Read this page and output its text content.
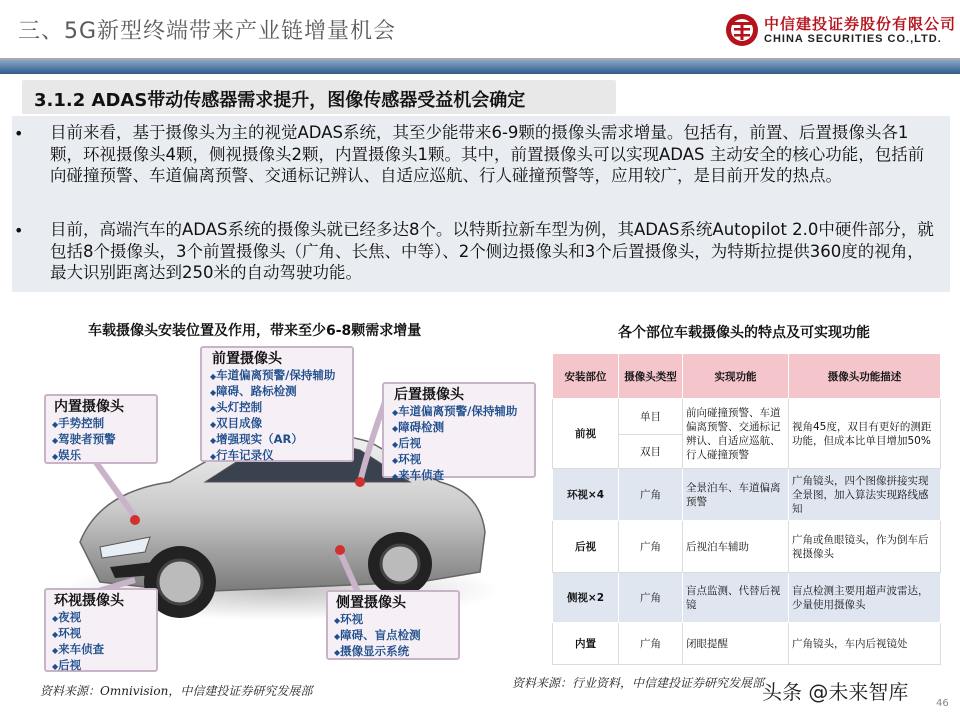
三、5G新型终端带来产业链增量机会	中信建投证券股份有限公司
CHINA SECURITIES CO.,LTD.
3.1.2 ADAS带动传感器需求提升，图像传感器受益机会确定
• 目前来看，基于摄像头为主的视觉ADAS系统，其至少能带来6-9颗的摄像头需求增量。包括有，前置、后置摄像头各1颗，环视摄像头4颗，侧视摄像头2颗，内置摄像头1颗。其中，前置摄像头可以实现ADAS 主动安全的核心功能，包括前向碰撞预警、车道偏离预警、交通标记辨认、自适应巡航、行人碰撞预警等，应用较广，是目前开发的热点。
• 目前，高端汽车的ADAS系统的摄像头就已经多达8个。以特斯拉新车型为例，其ADAS系统Autopilot 2.0中硬件部分，就包括8个摄像头，3个前置摄像头（广角、长焦、中等）、2个侧边摄像头和3个后置摄像头，为特斯拉提供360度的视角，最大识别距离达到250米的自动驾驶功能。
车载摄像头安装位置及作用，带来至少6-8颗需求增量
前置摄像头
◆ 车道偏离预警/保持辅助
◆ 障碍、路标检测
◆ 头灯控制
◆ 双目成像
◆ 增强现实（AR）
◆ 行车记录仪
内置摄像头
◆ 手势控制
◆ 驾驶者预警
◆ 娱乐
后置摄像头
◆ 车道偏离预警/保持辅助
◆ 障碍检测
◆ 后视
◆ 环视
◆ 来车侦查
环视摄像头
◆ 夜视
◆ 环视
◆ 来车侦查
◆ 后视
侧置摄像头
◆ 环视
◆ 障碍、盲点检测
◆ 摄像显示系统
资料来源：Omnivision，中信建投证券研究发展部
各个部位车载摄像头的特点及可实现功能
安装部位	摄像头类型	实现功能	摄像头功能描述
前视	单目	前向碰撞预警、车道偏离预警、交通标记辨认、自适应巡航、行人碰撞预警	视角45度，双目有更好的测距功能，但成本比单目增加50%
	双目		
环视×4	广角	全景泊车、车道偏离预警	广角镜头，四个图像拼接实现全景图，加入算法实现路线感知
后视	广角	后视泊车辅助	广角或鱼眼镜头，作为倒车后视摄像头
侧视×2	广角	盲点监测、代替后视镜	盲点检测主要用超声波雷达，少量使用摄像头
内置	广角	闭眼提醒	广角镜头，车内后视镜处
资料来源：行业资料，中信建投证券研究发展部
头条 @未来智库	46
